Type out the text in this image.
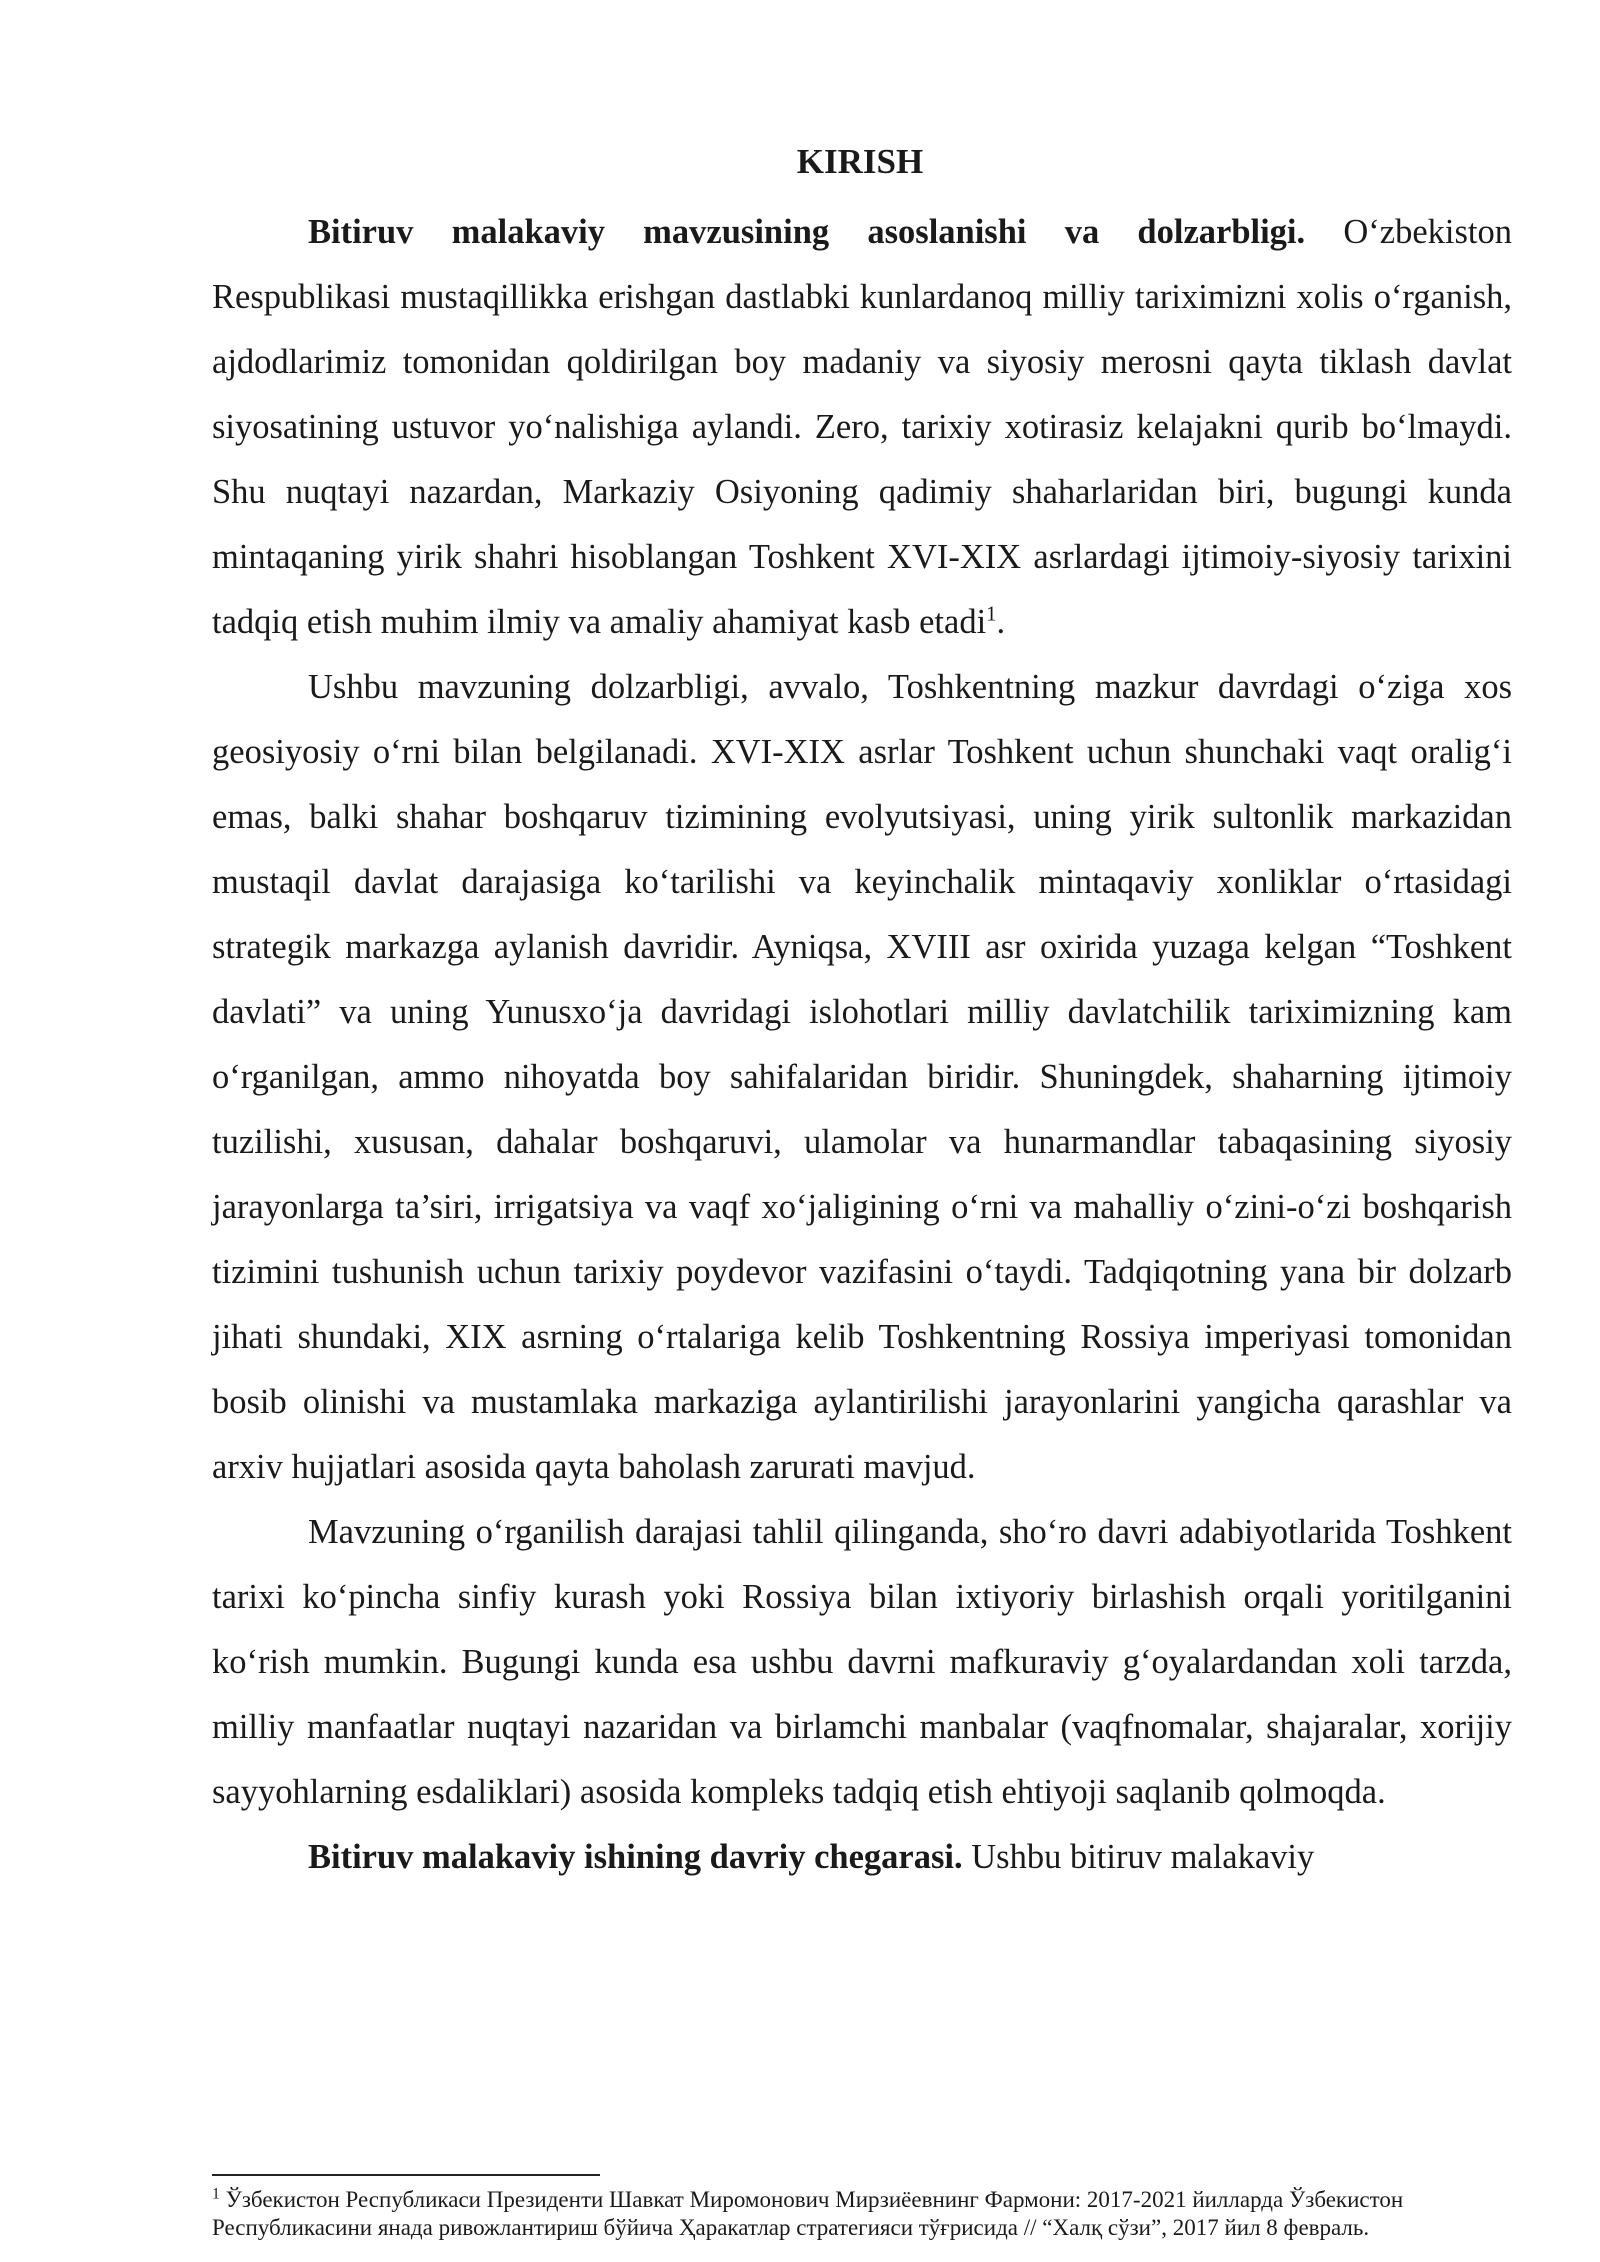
KIRISH

Bitiruv malakaviy mavzusining asoslanishi va dolzarbligi. O‘zbekiston Respublikasi mustaqillikka erishgan dastlabki kunlardanoq milliy tariximizni xolis o‘rganish, ajdodlarimiz tomonidan qoldirilgan boy madaniy va siyosiy merosni qayta tiklash davlat siyosatining ustuvor yo‘nalishiga aylandi. Zero, tarixiy xotirasiz kelajakni qurib bo‘lmaydi. Shu nuqtayi nazardan, Markaziy Osiyoning qadimiy shaharlaridan biri, bugungi kunda mintaqaning yirik shahri hisoblangan Toshkent XVI-XIX asrlardagi ijtimoiy-siyosiy tarixini tadqiq etish muhim ilmiy va amaliy ahamiyat kasb etadi$^1$.

Ushbu mavzuning dolzarbligi, avvalo, Toshkentning mazkur davrdagi o‘ziga xos geosiyosiy o‘rni bilan belgilanadi. XVI-XIX asrlar Toshkent uchun shunchaki vaqt oralig‘i emas, balki shahar boshqaruv tizimining evolyutsiyasi, uning yirik sultonlik markazidan mustaqil davlat darajasiga ko‘tarilishi va keyinchalik mintaqaviy xonliklar o‘rtasidagi strategik markazga aylanish davridir. Ayniqsa, XVIII asr oxirida yuzaga kelgan “Toshkent davlati” va uning Yunusxo‘ja davridagi islohotlari milliy davlatchilik tariximizning kam o‘rganilgan, ammo nihoyatda boy sahifalaridan biridir. Shuningdek, shaharning ijtimoiy tuzilishi, xususan, dahalar boshqaruvi, ulamolar va hunarmandlar tabaqasining siyosiy jarayonlarga ta’siri, irrigatsiya va vaqf xo‘jaligining o‘rni va mahalliy o‘zini-o‘zi boshqarish tizimini tushunish uchun tarixiy poydevor vazifasini o‘taydi. Tadqiqotning yana bir dolzarb jihati shundaki, XIX asrning o‘rtalariga kelib Toshkentning Rossiya imperiyasi tomonidan bosib olinishi va mustamlaka markaziga aylantirilishi jarayonlarini yangicha qarashlar va arxiv hujjatlari asosida qayta baholash zarurati mavjud.

Mavzuning o‘rganilish darajasi tahlil qilinganda, sho‘ro davri adabiyotlarida Toshkent tarixi ko‘pincha sinfiy kurash yoki Rossiya bilan ixtiyoriy birlashish orqali yoritilganini ko‘rish mumkin. Bugungi kunda esa ushbu davrni mafkuraviy g‘oyalardandan xoli tarzda, milliy manfaatlar nuqtayi nazaridan va birlamchi manbalar (vaqfnomalar, shajaralar, xorijiy sayyohlarning esdaliklari) asosida kompleks tadqiq etish ehtiyoji saqlanib qolmoqda.

Bitiruv malakaviy ishining davriy chegarasi. Ushbu bitiruv malakaviy

$^1$ Ўзбекистон Республикаси Президенти Шавкат Миромонович Мирзиёевнинг Фармони: 2017-2021 йилларда Ўзбекистон Республикасини янада ривожлантириш бўйича Ҳаракатлар стратегияси тўғрисида // “Халқ сўзи”, 2017 йил 8 февраль.
